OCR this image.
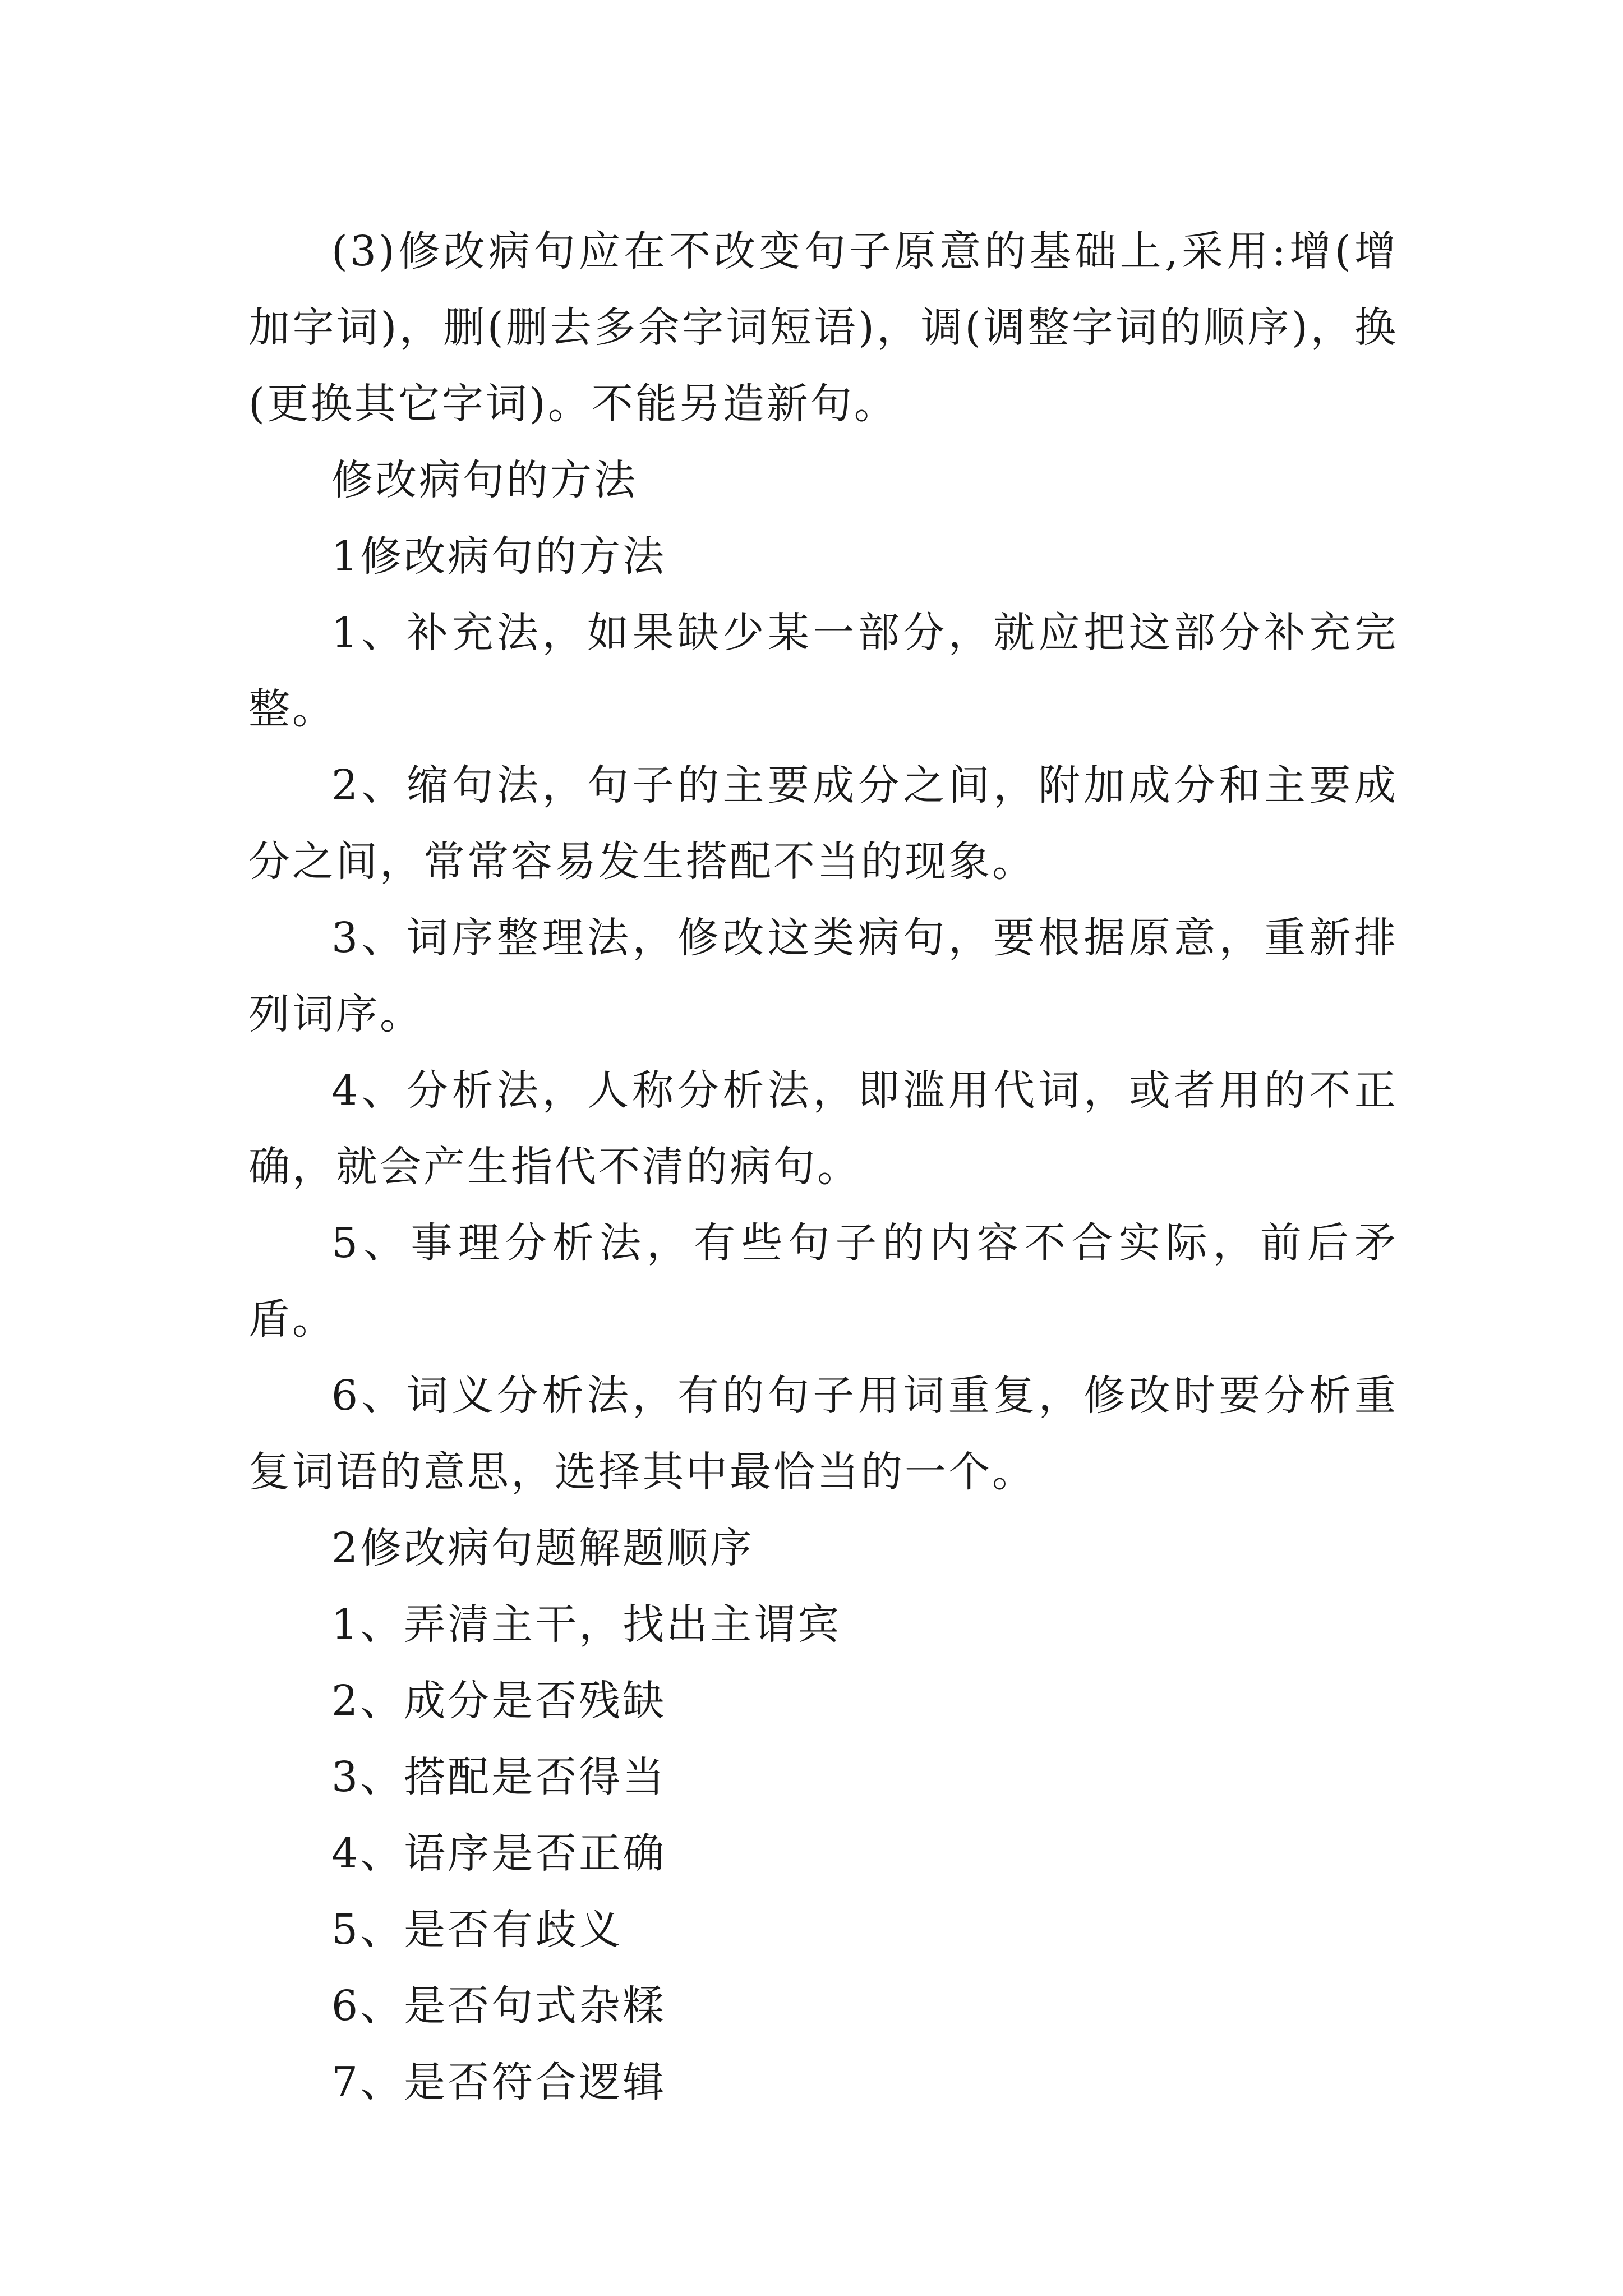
(3)修改病句应在不改变句子原意的基础上,采用:增(增加字词)，删(删去多余字词短语)，调(调整字词的顺序)，换(更换其它字词)。不能另造新句。

修改病句的方法

1修改病句的方法

1、补充法，如果缺少某一部分，就应把这部分补充完整。

2、缩句法，句子的主要成分之间，附加成分和主要成分之间，常常容易发生搭配不当的现象。

3、词序整理法，修改这类病句，要根据原意，重新排列词序。

4、分析法，人称分析法，即滥用代词，或者用的不正确，就会产生指代不清的病句。

5、事理分析法，有些句子的内容不合实际，前后矛盾。

6、词义分析法，有的句子用词重复，修改时要分析重复词语的意思，选择其中最恰当的一个。

2修改病句题解题顺序

1、弄清主干，找出主谓宾

2、成分是否残缺

3、搭配是否得当

4、语序是否正确

5、是否有歧义

6、是否句式杂糅

7、是否符合逻辑
